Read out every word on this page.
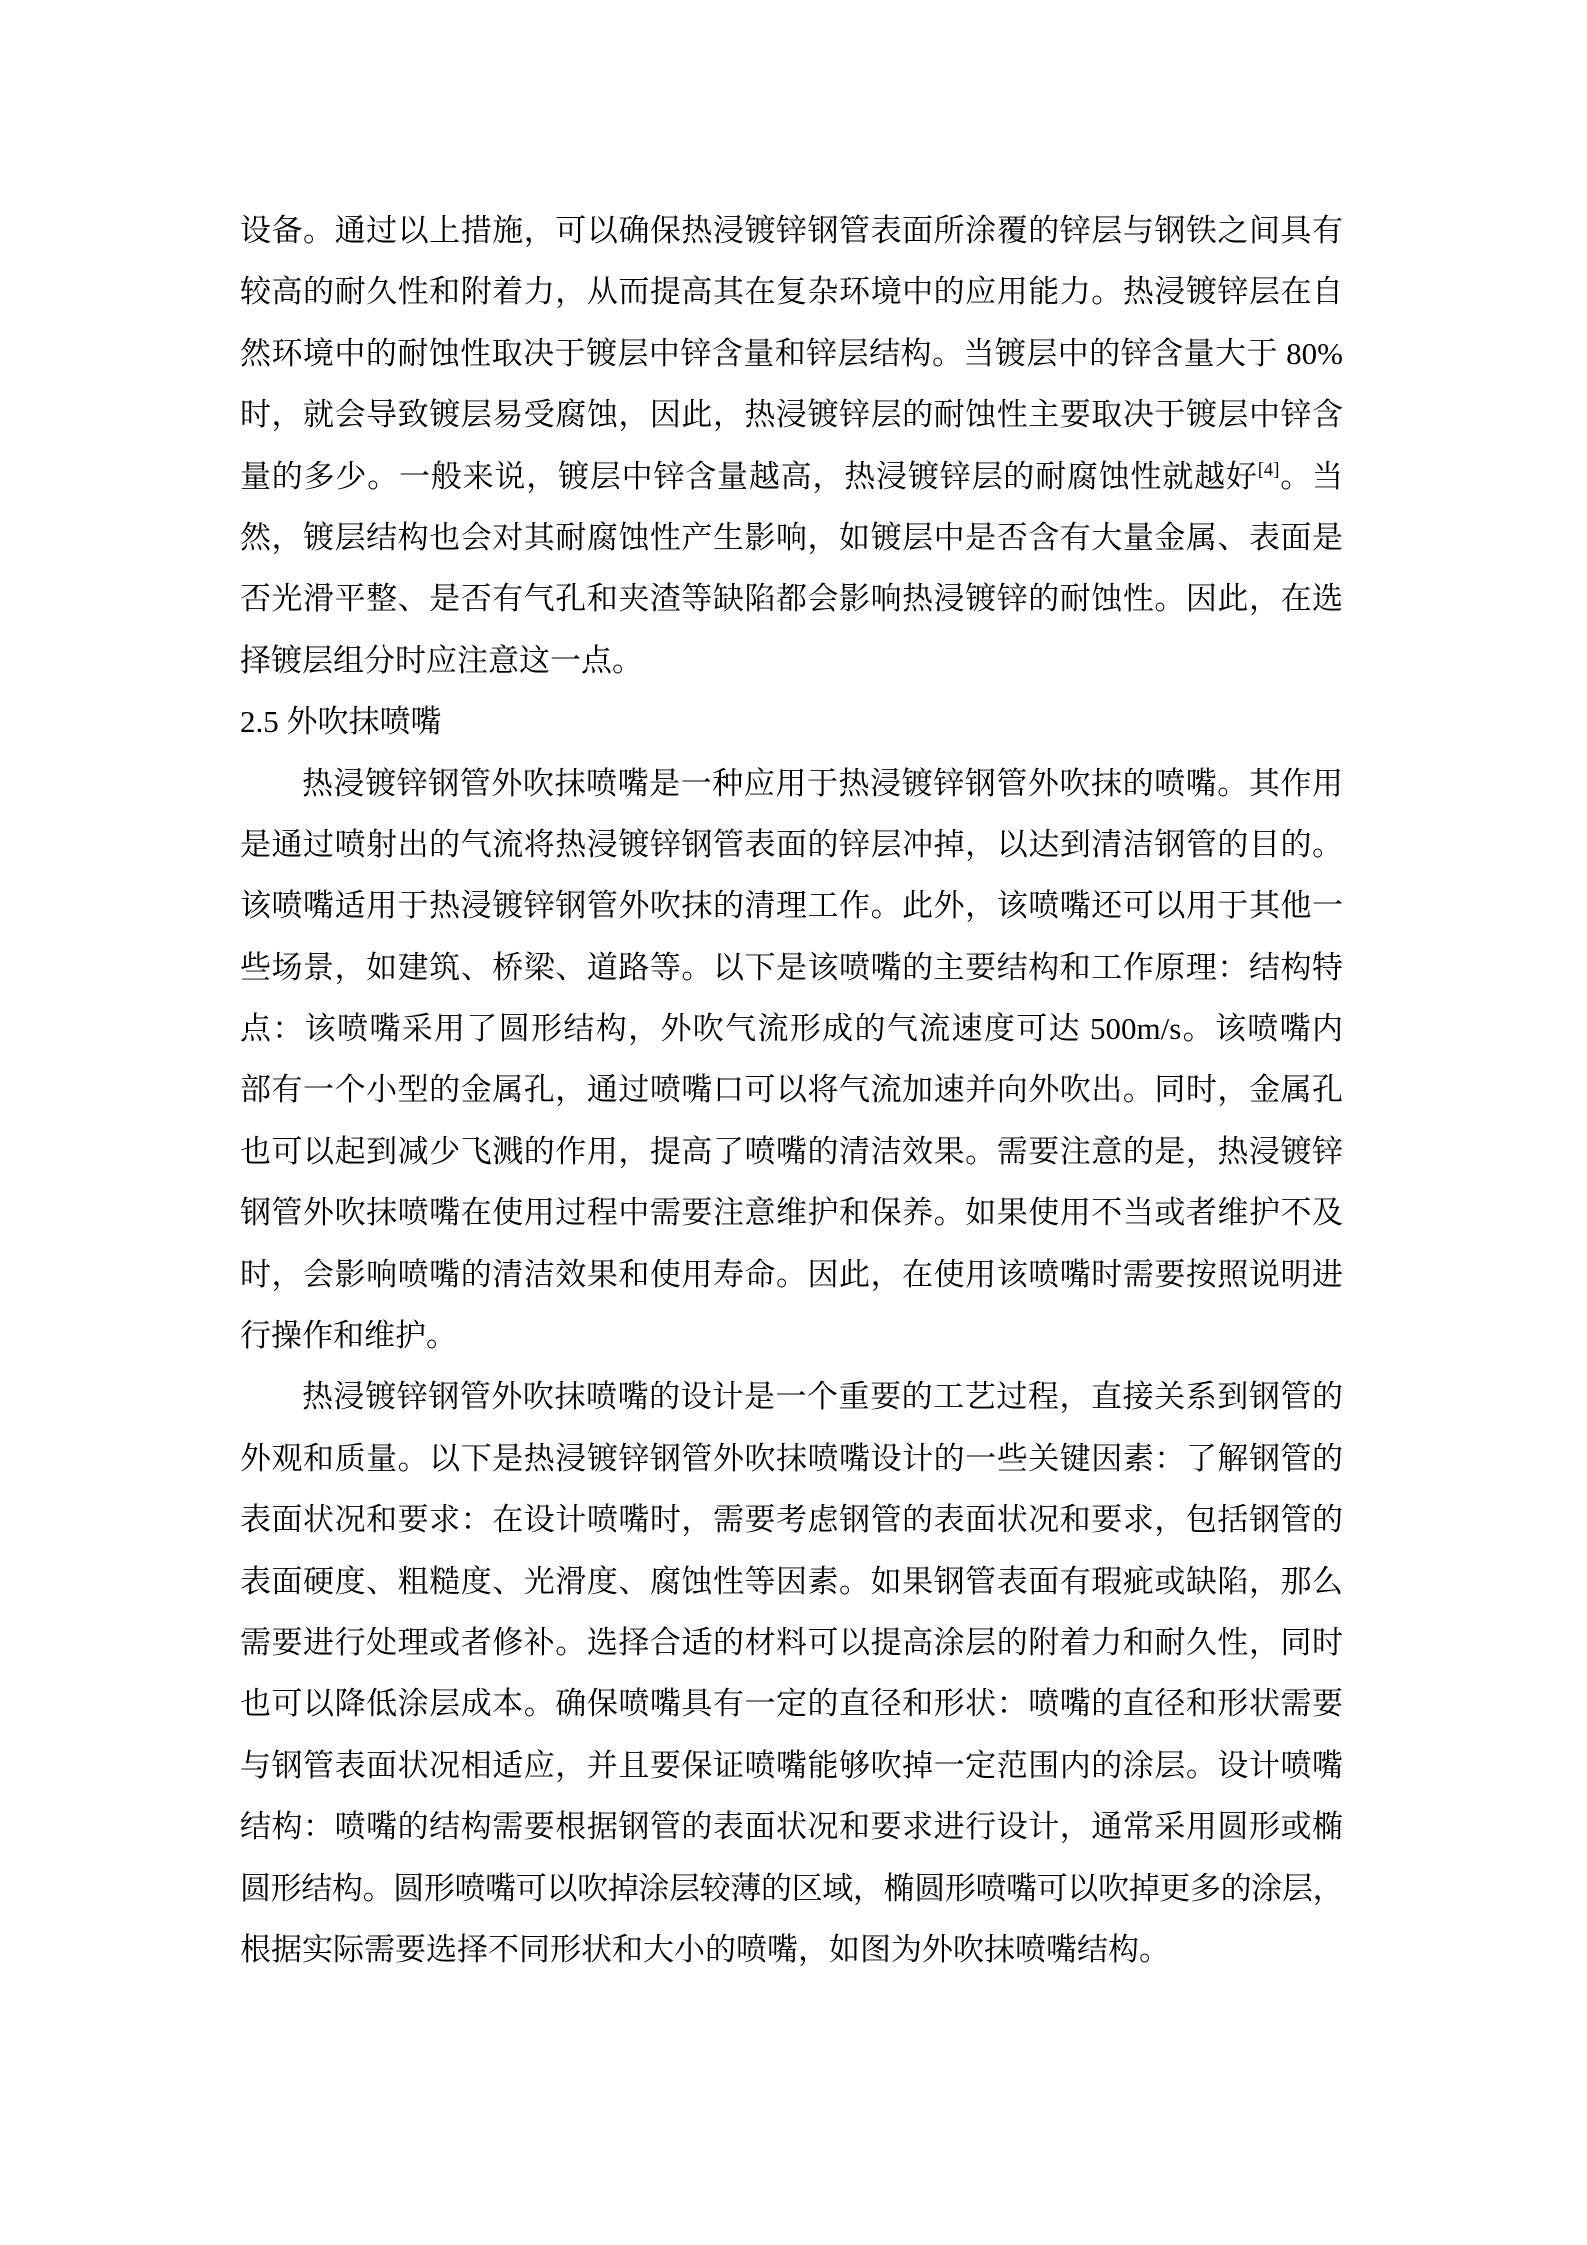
设备。通过以上措施，可以确保热浸镀锌钢管表面所涂覆的锌层与钢铁之间具有
较高的耐久性和附着力，从而提高其在复杂环境中的应用能力。热浸镀锌层在自
然环境中的耐蚀性取决于镀层中锌含量和锌层结构。当镀层中的锌含量大于 80%
时，就会导致镀层易受腐蚀，因此，热浸镀锌层的耐蚀性主要取决于镀层中锌含
量的多少。一般来说，镀层中锌含量越高，热浸镀锌层的耐腐蚀性就越好[4]。当
然，镀层结构也会对其耐腐蚀性产生影响，如镀层中是否含有大量金属、表面是
否光滑平整、是否有气孔和夹渣等缺陷都会影响热浸镀锌的耐蚀性。因此，在选
择镀层组分时应注意这一点。
2.5 外吹抹喷嘴
热浸镀锌钢管外吹抹喷嘴是一种应用于热浸镀锌钢管外吹抹的喷嘴。其作用
是通过喷射出的气流将热浸镀锌钢管表面的锌层冲掉，以达到清洁钢管的目的。
该喷嘴适用于热浸镀锌钢管外吹抹的清理工作。此外，该喷嘴还可以用于其他一
些场景，如建筑、桥梁、道路等。以下是该喷嘴的主要结构和工作原理：结构特
点：该喷嘴采用了圆形结构，外吹气流形成的气流速度可达 500m/s。该喷嘴内
部有一个小型的金属孔，通过喷嘴口可以将气流加速并向外吹出。同时，金属孔
也可以起到减少飞溅的作用，提高了喷嘴的清洁效果。需要注意的是，热浸镀锌
钢管外吹抹喷嘴在使用过程中需要注意维护和保养。如果使用不当或者维护不及
时，会影响喷嘴的清洁效果和使用寿命。因此，在使用该喷嘴时需要按照说明进
行操作和维护。
热浸镀锌钢管外吹抹喷嘴的设计是一个重要的工艺过程，直接关系到钢管的
外观和质量。以下是热浸镀锌钢管外吹抹喷嘴设计的一些关键因素：了解钢管的
表面状况和要求：在设计喷嘴时，需要考虑钢管的表面状况和要求，包括钢管的
表面硬度、粗糙度、光滑度、腐蚀性等因素。如果钢管表面有瑕疵或缺陷，那么
需要进行处理或者修补。选择合适的材料可以提高涂层的附着力和耐久性，同时
也可以降低涂层成本。确保喷嘴具有一定的直径和形状：喷嘴的直径和形状需要
与钢管表面状况相适应，并且要保证喷嘴能够吹掉一定范围内的涂层。设计喷嘴
结构：喷嘴的结构需要根据钢管的表面状况和要求进行设计，通常采用圆形或椭
圆形结构。圆形喷嘴可以吹掉涂层较薄的区域，椭圆形喷嘴可以吹掉更多的涂层，
根据实际需要选择不同形状和大小的喷嘴，如图为外吹抹喷嘴结构。
